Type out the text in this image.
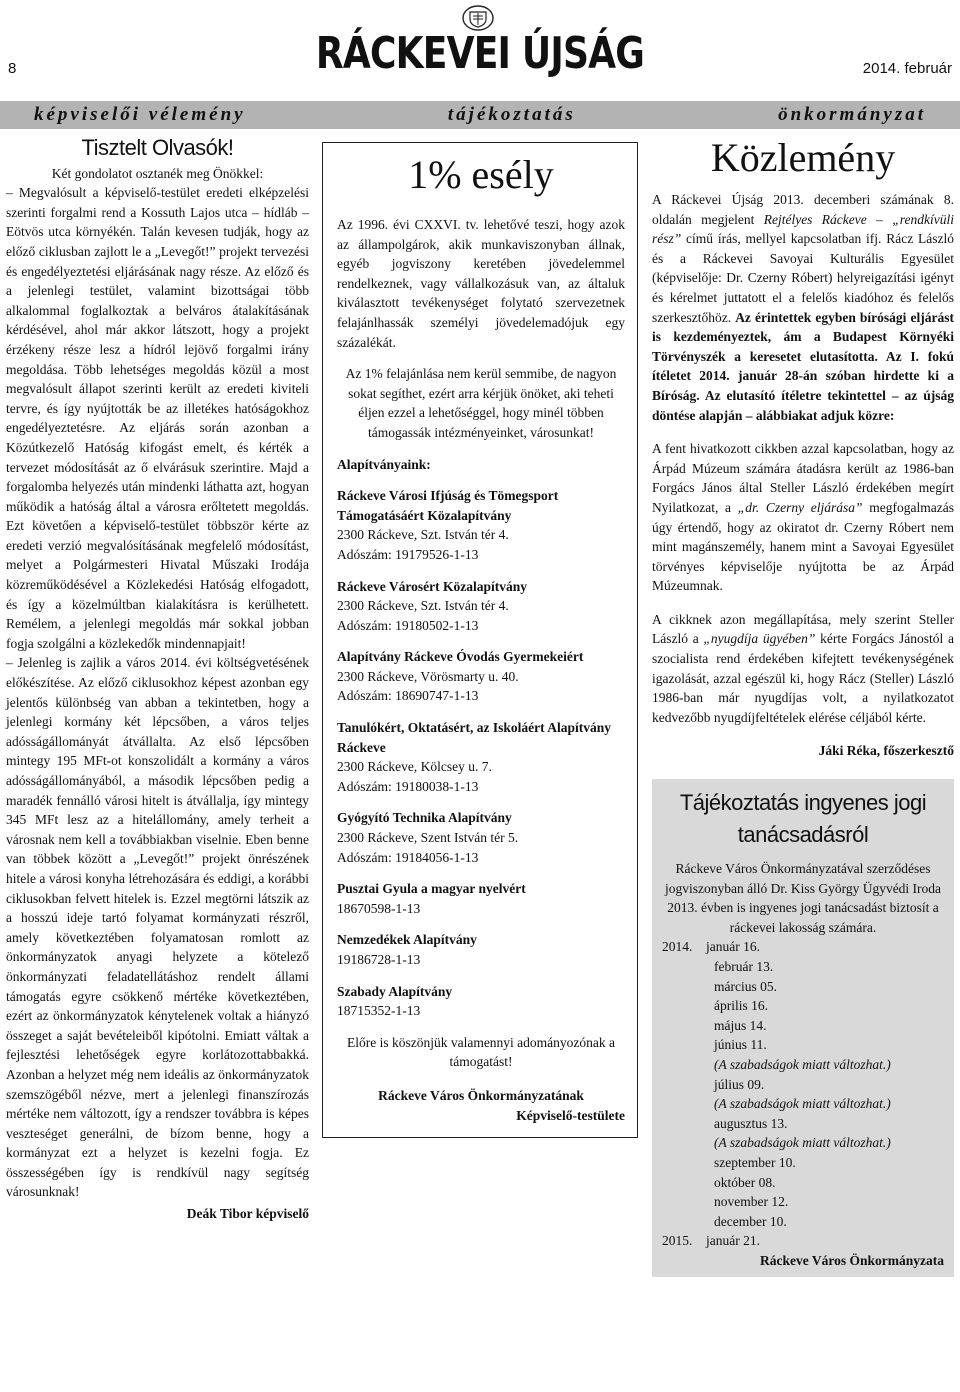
8	RÁCKEVEI ÚJSÁG	2014. február
képviselői vélemény	tájékoztatás	önkormányzat
Tisztelt Olvasók!

Két gondolatot osztanék meg Önökkel:

– Megvalósult a képviselő-testület eredeti elképzelési szerinti forgalmi rend a Kossuth Lajos utca – hídláb – Eötvös utca környékén. Talán kevesen tudják, hogy az előző ciklusban zajlott le a „Levegőt!” projekt tervezési és engedélyeztetési eljárásának nagy része. Az előző és a jelenlegi testület, valamint bizottságai több alkalommal foglalkoztak a belváros átalakításának kérdésével, ahol már akkor látszott, hogy a projekt érzékeny része lesz a hídról lejövő forgalmi irány megoldása. Több lehetséges megoldás közül a most megvalósult állapot szerinti került az eredeti kiviteli tervre, és így nyújtották be az illetékes hatóságokhoz engedélyeztetésre. Az eljárás során azonban a Közútkezelő Hatóság kifogást emelt, és kérték a tervezet módosítását az ő elvárásuk szerintire. Majd a forgalomba helyezés után mindenki láthatta azt, hogyan működik a hatóság által a városra erőltetett megoldás. Ezt követően a képviselő-testület többször kérte az eredeti verzió megvalósításának megfelelő módosítást, melyet a Polgármesteri Hivatal Műszaki Irodája közreműködésével a Közlekedési Hatóság elfogadott, és így a közelmúltban kialakításra is kerülhetett. Remélem, a jelenlegi megoldás már sokkal jobban fogja szolgálni a közlekedők mindennapjait!

– Jelenleg is zajlik a város 2014. évi költségvetésének előkészítése. Az előző ciklusokhoz képest azonban egy jelentős különbség van abban a tekintetben, hogy a jelenlegi kormány két lépcsőben, a város teljes adósságállományát átvállalta. Az első lépcsőben mintegy 195 MFt-ot konszolidált a kormány a város adósságállományából, a második lépcsőben pedig a maradék fennálló városi hitelt is átvállalja, így mintegy 345 MFt lesz az a hitelállomány, amely terheit a városnak nem kell a továbbiakban viselnie. Eben benne van többek között a „Levegőt!” projekt önrészének hitele a városi konyha létrehozására és eddigi, a korábbi ciklusokban felvett hitelek is. Ezzel megtörni látszik az a hosszú ideje tartó folyamat kormányzati részről, amely következtében folyamatosan romlott az önkormányzatok anyagi helyzete a kötelező önkormányzati feladatellátáshoz rendelt állami támogatás egyre csökkenő mértéke következtében, ezért az önkormányzatok kénytelenek voltak a hiányzó összeget a saját bevételeiből kipótolni. Emiatt váltak a fejlesztési lehetőségek egyre korlátozottabbakká. Azonban a helyzet még nem ideális az önkormányzatok szemszögéből nézve, mert a jelenlegi finanszírozás mértéke nem változott, így a rendszer továbbra is képes veszteséget generálni, de bízom benne, hogy a kormányzat ezt a helyzet is kezelni fogja. Ez összességében így is rendkívül nagy segítség városunknak!

Deák Tibor képviselő
1% esély

Az 1996. évi CXXVI. tv. lehetővé teszi, hogy azok az állampolgárok, akik munkaviszonyban állnak, egyéb jogviszony keretében jövedelemmel rendelkeznek, vagy vállalkozásuk van, az általuk kiválasztott tevékenységet folytató szervezetnek felajánlhassák személyi jövedelemadójuk egy százalékát.

Az 1% felajánlása nem kerül semmibe, de nagyon sokat segíthet, ezért arra kérjük önöket, aki teheti éljen ezzel a lehetőséggel, hogy minél többen támogassák intézményeinket, városunkat!

Alapítványaink:

Ráckeve Városi Ifjúság és Tömegsport Támogatásáért Közalapítvány
2300 Ráckeve, Szt. István tér 4.
Adószám: 19179526-1-13
Ráckeve Városért Közalapítvány
2300 Ráckeve, Szt. István tér 4.
Adószám: 19180502-1-13
Alapítvány Ráckeve Óvodás Gyermekeiért
2300 Ráckeve, Vörösmarty u. 40.
Adószám: 18690747-1-13
Tanulókért, Oktatásért, az Iskoláért Alapítvány Ráckeve
2300 Ráckeve, Kölcsey u. 7.
Adószám: 19180038-1-13
Gyógyító Technika Alapítvány
2300 Ráckeve, Szent István tér 5.
Adószám: 19184056-1-13
Pusztai Gyula a magyar nyelvért
18670598-1-13
Nemzedékek Alapítvány
19186728-1-13
Szabady Alapítvány
18715352-1-13

Előre is köszönjük valamennyi adományozónak a támogatást!

Ráckeve Város Önkormányzatának
Képviselő-testülete
Közlemény

A Ráckevei Újság 2013. decemberi számának 8. oldalán megjelent Rejtélyes Ráckeve – „rendkívüli rész” című írás, mellyel kapcsolatban ifj. Rácz László és a Ráckevei Savoyai Kulturális Egyesület (képviselője: Dr. Czerny Róbert) helyreigazítási igényt és kérelmet juttatott el a felelős kiadóhoz és felelős szerkesztőhöz. Az érintettek egyben bírósági eljárást is kezdeményeztek, ám a Budapest Környéki Törvényszék a keresetet elutasította. Az I. fokú ítéletet 2014. január 28-án szóban hirdette ki a Bíróság. Az elutasító ítéletre tekintettel – az újság döntése alapján – alábbiakat adjuk közre:

A fent hivatkozott cikkben azzal kapcsolatban, hogy az Árpád Múzeum számára átadásra került az 1986-ban Forgács János által Steller László érdekében megírt Nyilatkozat, a „dr. Czerny eljárása” megfogalmazás úgy értendő, hogy az okiratot dr. Czerny Róbert nem mint magánszemély, hanem mint a Savoyai Egyesület törvényes képviselője nyújtotta be az Árpád Múzeumnak.

A cikknek azon megállapítása, mely szerint Steller László a „nyugdíja ügyében” kérte Forgács Jánostól a szocialista rend érdekében kifejtett tevékenységének igazolását, azzal egészül ki, hogy Rácz (Steller) László 1986-ban már nyugdíjas volt, a nyilatkozatot kedvezőbb nyugdíjfeltételek elérése céljából kérte.

Jáki Réka, főszerkesztő
Tájékoztatás ingyenes jogi tanácsadásról

Ráckeve Város Önkormányzatával szerződéses jogviszonyban álló Dr. Kiss György Ügyvédi Iroda 2013. évben is ingyenes jogi tanácsadást biztosít a ráckevei lakosság számára.

2014. január 16.
február 13.
március 05.
április 16.
május 14.
június 11.
(A szabadságok miatt változhat.)
július 09.
(A szabadságok miatt változhat.)
augusztus 13.
(A szabadságok miatt változhat.)
szeptember 10.
október 08.
november 12.
december 10.
2015. január 21.
Ráckeve Város Önkormányzata
